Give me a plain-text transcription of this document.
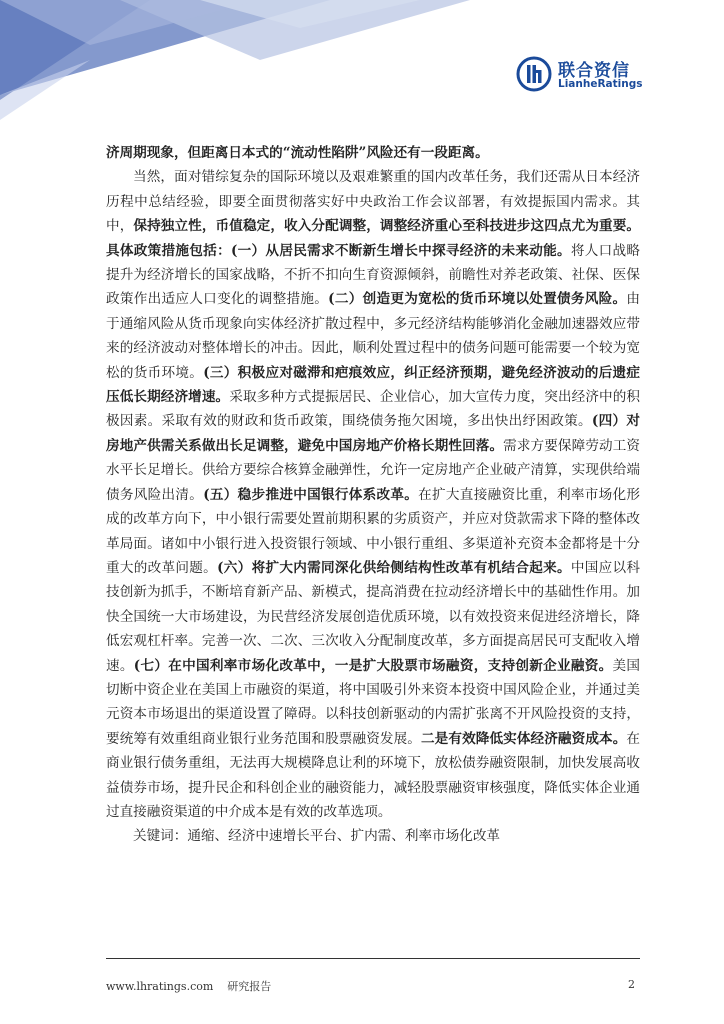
联合资信
LianheRatings

济周期现象，但距离日本式的“流动性陷阱”风险还有一段距离。

当然，面对错综复杂的国际环境以及艰难繁重的国内改革任务，我们还需从日本经济历程中总结经验，即要全面贯彻落实好中央政治工作会议部署，有效提振国内需求。其中，保持独立性，币值稳定，收入分配调整，调整经济重心至科技进步这四点尤为重要。具体政策措施包括：(一）从居民需求不断新生增长中探寻经济的未来动能。将人口战略提升为经济增长的国家战略，不折不扣向生育资源倾斜，前瞻性对养老政策、社保、医保政策作出适应人口变化的调整措施。(二）创造更为宽松的货币环境以处置债务风险。由于通缩风险从货币现象向实体经济扩散过程中，多元经济结构能够消化金融加速器效应带来的经济波动对整体增长的冲击。因此，顺利处置过程中的债务问题可能需要一个较为宽松的货币环境。(三）积极应对磁滞和疤痕效应，纠正经济预期，避免经济波动的后遗症压低长期经济增速。采取多种方式提振居民、企业信心，加大宣传力度，突出经济中的积极因素。采取有效的财政和货币政策，围绕债务拖欠困境，多出快出纾困政策。(四）对房地产供需关系做出长足调整，避免中国房地产价格长期性回落。需求方要保障劳动工资水平长足增长。供给方要综合核算金融弹性，允许一定房地产企业破产清算，实现供给端债务风险出清。(五）稳步推进中国银行体系改革。在扩大直接融资比重，利率市场化形成的改革方向下，中小银行需要处置前期积累的劣质资产，并应对贷款需求下降的整体改革局面。诸如中小银行进入投资银行领域、中小银行重组、多渠道补充资本金都将是十分重大的改革问题。(六）将扩大内需同深化供给侧结构性改革有机结合起来。中国应以科技创新为抓手，不断培育新产品、新模式，提高消费在拉动经济增长中的基础性作用。加快全国统一大市场建设，为民营经济发展创造优质环境，以有效投资来促进经济增长，降低宏观杠杆率。完善一次、二次、三次收入分配制度改革，多方面提高居民可支配收入增速。(七）在中国利率市场化改革中，一是扩大股票市场融资，支持创新企业融资。美国切断中资企业在美国上市融资的渠道，将中国吸引外来资本投资中国风险企业，并通过美元资本市场退出的渠道设置了障碍。以科技创新驱动的内需扩张离不开风险投资的支持，要统筹有效重组商业银行业务范围和股票融资发展。二是有效降低实体经济融资成本。在商业银行债务重组，无法再大规模降息让利的环境下，放松债券融资限制，加快发展高收益债券市场，提升民企和科创企业的融资能力，减轻股票融资审核强度，降低实体企业通过直接融资渠道的中介成本是有效的改革选项。

关键词：通缩、经济中速增长平台、扩内需、利率市场化改革

www.lhratings.com 研究报告	2
